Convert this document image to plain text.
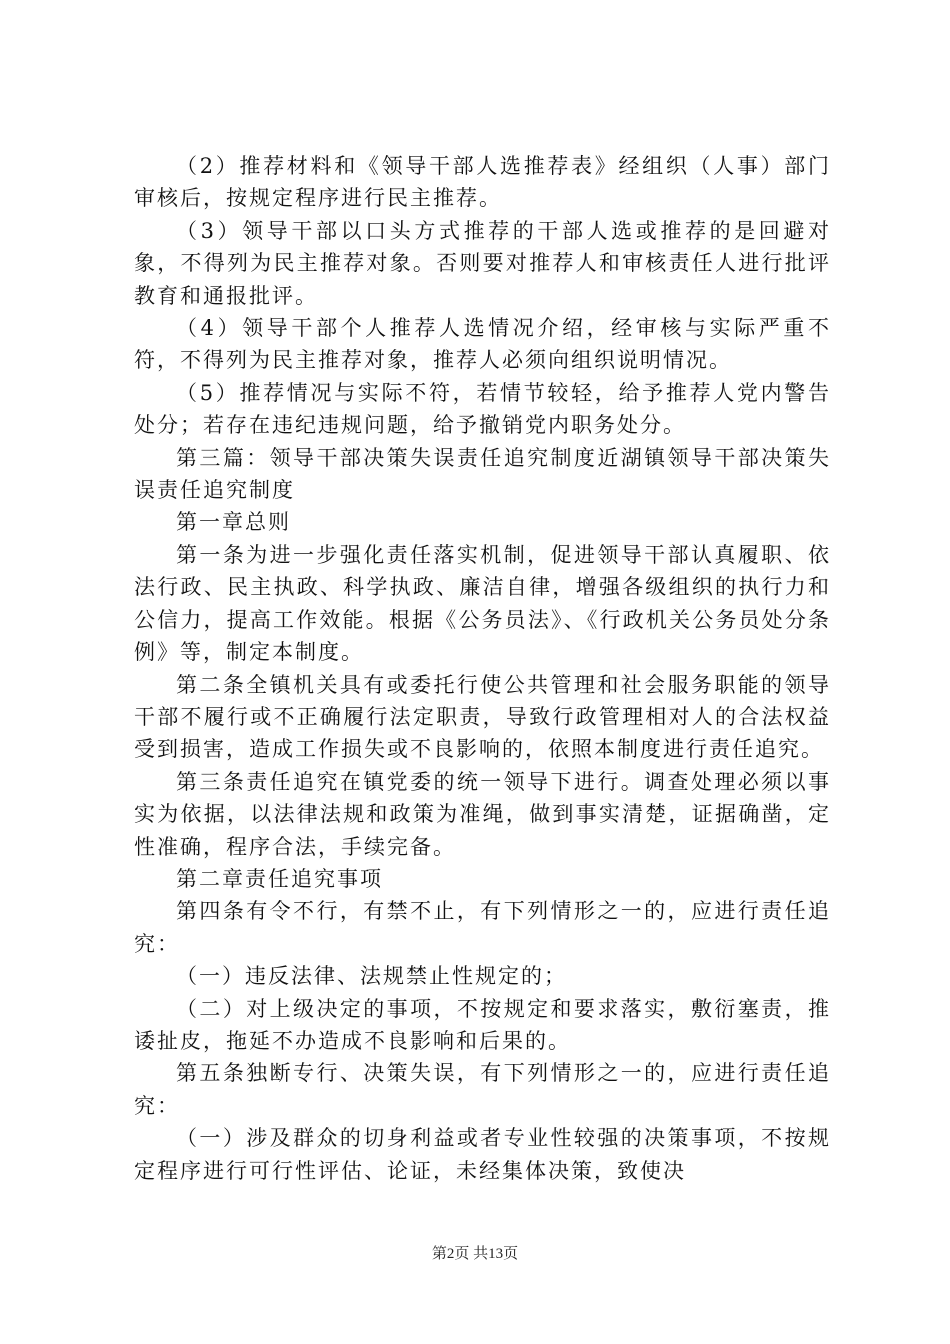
（2）推荐材料和《领导干部人选推荐表》经组织（人事）部门审核后，按规定程序进行民主推荐。

（3）领导干部以口头方式推荐的干部人选或推荐的是回避对象，不得列为民主推荐对象。否则要对推荐人和审核责任人进行批评教育和通报批评。

（4）领导干部个人推荐人选情况介绍，经审核与实际严重不符，不得列为民主推荐对象，推荐人必须向组织说明情况。

（5）推荐情况与实际不符，若情节较轻，给予推荐人党内警告处分；若存在违纪违规问题，给予撤销党内职务处分。

第三篇：领导干部决策失误责任追究制度近湖镇领导干部决策失误责任追究制度

第一章总则

第一条为进一步强化责任落实机制，促进领导干部认真履职、依法行政、民主执政、科学执政、廉洁自律，增强各级组织的执行力和公信力，提高工作效能。根据《公务员法》、《行政机关公务员处分条例》等，制定本制度。

第二条全镇机关具有或委托行使公共管理和社会服务职能的领导干部不履行或不正确履行法定职责，导致行政管理相对人的合法权益受到损害，造成工作损失或不良影响的，依照本制度进行责任追究。

第三条责任追究在镇党委的统一领导下进行。调查处理必须以事实为依据，以法律法规和政策为准绳，做到事实清楚，证据确凿，定性准确，程序合法，手续完备。

第二章责任追究事项

第四条有令不行，有禁不止，有下列情形之一的，应进行责任追究：

（一）违反法律、法规禁止性规定的；

（二）对上级决定的事项，不按规定和要求落实，敷衍塞责，推诿扯皮，拖延不办造成不良影响和后果的。

第五条独断专行、决策失误，有下列情形之一的，应进行责任追究：

（一）涉及群众的切身利益或者专业性较强的决策事项，不按规定程序进行可行性评估、论证，未经集体决策，致使决

第2页 共13页
